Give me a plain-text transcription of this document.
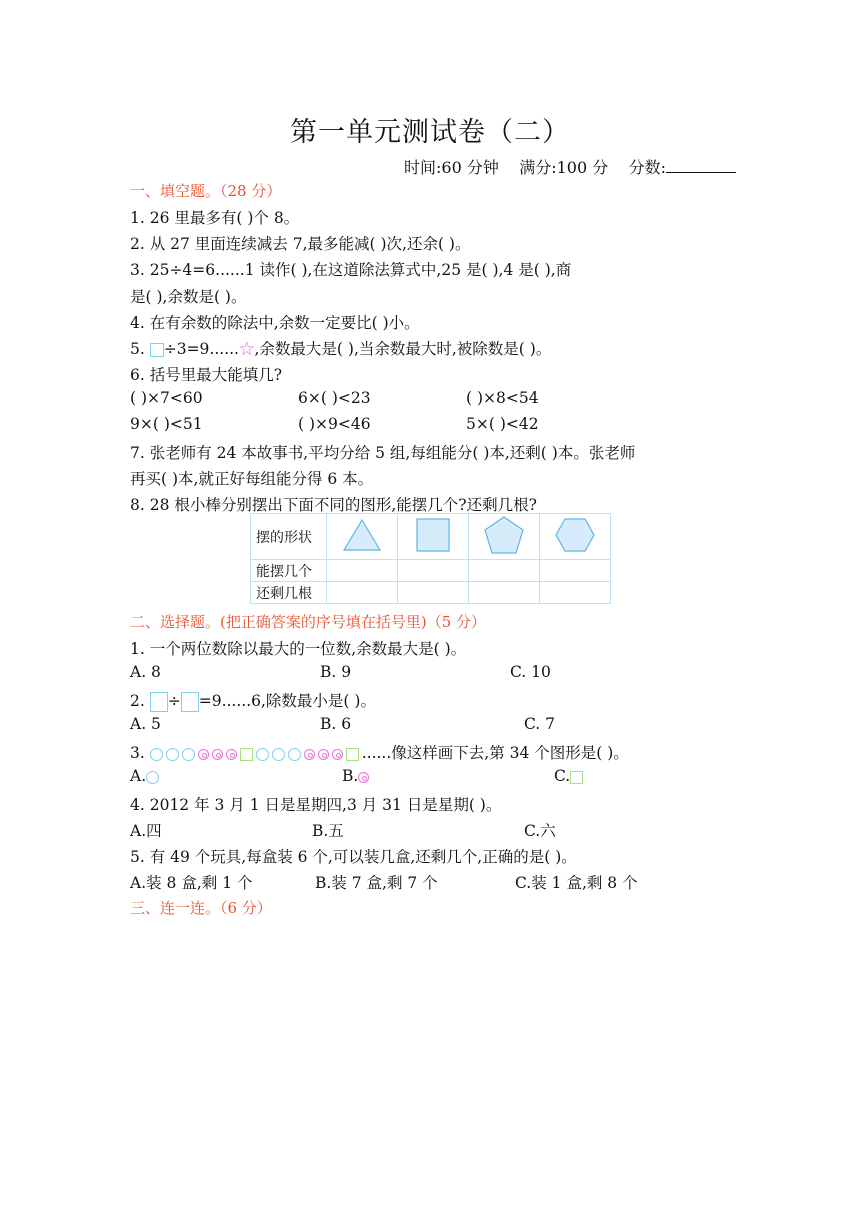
第一单元测试卷（二）
时间:60 分钟 满分:100 分 分数:
一、填空题。（28 分）
1. 26 里最多有( )个 8。
2. 从 27 里面连续减去 7,最多能减( )次,还余( )。
3. 25÷4=6......1 读作( ),在这道除法算式中,25 是( ),4 是( ),商
是( ),余数是( )。
4. 在有余数的除法中,余数一定要比( )小。
5. ÷3=9......☆,余数最大是( ),当余数最大时,被除数是( )。
6. 括号里最大能填几?
( )×7<60	6×( )<23	( )×8<54
9×( )<51	( )×9<46	5×( )<42
7. 张老师有 24 本故事书,平均分给 5 组,每组能分( )本,还剩( )本。张老师
再买( )本,就正好每组能分得 6 本。
8. 28 根小棒分别摆出下面不同的图形,能摆几个?还剩几根?
摆的形状				
能摆几个				
还剩几根				
二、选择题。(把正确答案的序号填在括号里)（5 分）
1. 一个两位数除以最大的一位数,余数最大是( )。
A. 8	B. 9	C. 10
2. ÷ =9......6,除数最小是( )。
A. 5	B. 6	C. 7
3.	......像这样画下去,第 34 个图形是( )。
A.	B.	C.
4. 2012 年 3 月 1 日是星期四,3 月 31 日是星期( )。
A.四	B.五	C.六
5. 有 49 个玩具,每盒装 6 个,可以装几盒,还剩几个,正确的是( )。
A.装 8 盒,剩 1 个	B.装 7 盒,剩 7 个	C.装 1 盒,剩 8 个
三、连一连。（6 分）
